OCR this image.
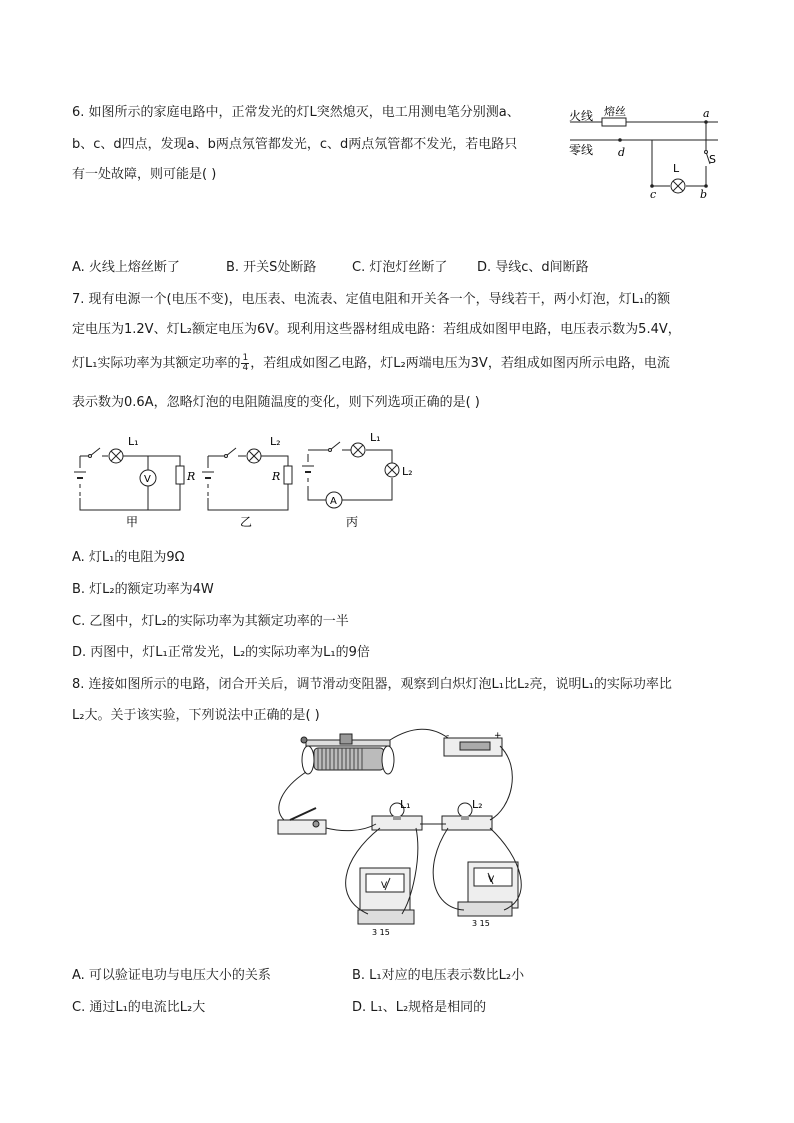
6. 如图所示的家庭电路中，正常发光的灯L突然熄灭，电工用测电笔分别测a、
b、c、d四点，发现a、b两点氖管都发光，c、d两点氖管都不发光，若电路只
有一处故障，则可能是( )
火线 熔丝
零线 d
a
c
L
b
S
A. 火线上熔丝断了	B. 开关S处断路	C. 灯泡灯丝断了 D. 导线c、d间断路
7. 现有电源一个(电压不变)，电压表、电流表、定值电阻和开关各一个，导线若干，两小灯泡，灯L₁的额
定电压为1.2V、灯L₂额定电压为6V。现利用这些器材组成电路：若组成如图甲电路，电压表示数为5.4V，
灯L₁实际功率为其额定功率的 $\frac{1}{4}$ ，若组成如图乙电路，灯L₂两端电压为3V，若组成如图丙所示电路，电流
表示数为0.6A，忽略灯泡的电阻随温度的变化，则下列选项正确的是( )
L₁
V	R
甲
L₂
R
乙
A
L₂
L₁
丙
A. 灯L₁的电阻为9Ω
B. 灯L₂的额定功率为4W
C. 乙图中，灯L₂的实际功率为其额定功率的一半
D. 丙图中，灯L₁正常发光，L₂的实际功率为L₁的9倍
8. 连接如图所示的电路，闭合开关后，调节滑动变阻器，观察到白炽灯泡L₁比L₂亮，说明L₁的实际功率比
L₂大。关于该实验，下列说法中正确的是( )
-	+
L₁	L₂
V
3 15
V
3 15
A. 可以验证电功与电压大小的关系	B. L₁对应的电压表示数比L₂小
C. 通过L₁的电流比L₂大	D. L₁、L₂规格是相同的
